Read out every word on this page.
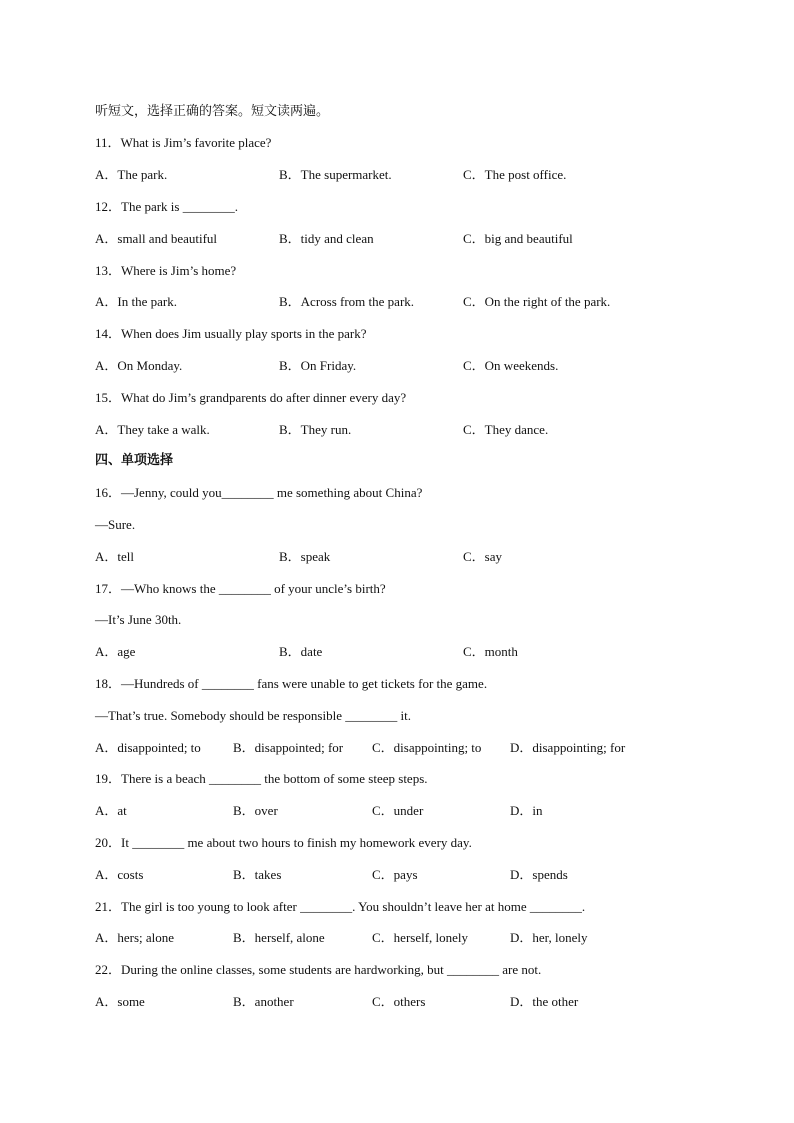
听短文，选择正确的答案。短文读两遍。
11．What is Jim’s favorite place?
A．The park.	B．The supermarket.	C．The post office.
12．The park is ________.
A．small and beautiful	B．tidy and clean	C．big and beautiful
13．Where is Jim’s home?
A．In the park.	B．Across from the park.	C．On the right of the park.
14．When does Jim usually play sports in the park?
A．On Monday.	B．On Friday.	C．On weekends.
15．What do Jim’s grandparents do after dinner every day?
A．They take a walk.	B．They run.	C．They dance.
四、单项选择
16．—Jenny, could you________ me something about China?
—Sure.
A．tell	B．speak	C．say
17．—Who knows the ________ of your uncle’s birth?
—It’s June 30th.
A．age	B．date	C．month
18．—Hundreds of ________ fans were unable to get tickets for the game.
—That’s true. Somebody should be responsible ________ it.
A．disappointed; to B．disappointed; for C．disappointing; to D．disappointing; for
19．There is a beach ________ the bottom of some steep steps.
A．at	B．over	C．under	D．in
20．It ________ me about two hours to finish my homework every day.
A．costs	B．takes	C．pays	D．spends
21．The girl is too young to look after ________. You shouldn’t leave her at home ________.
A．hers; alone	B．herself, alone	C．herself, lonely	D．her, lonely
22．During the online classes, some students are hardworking, but ________ are not.
A．some	B．another	C．others	D．the other
